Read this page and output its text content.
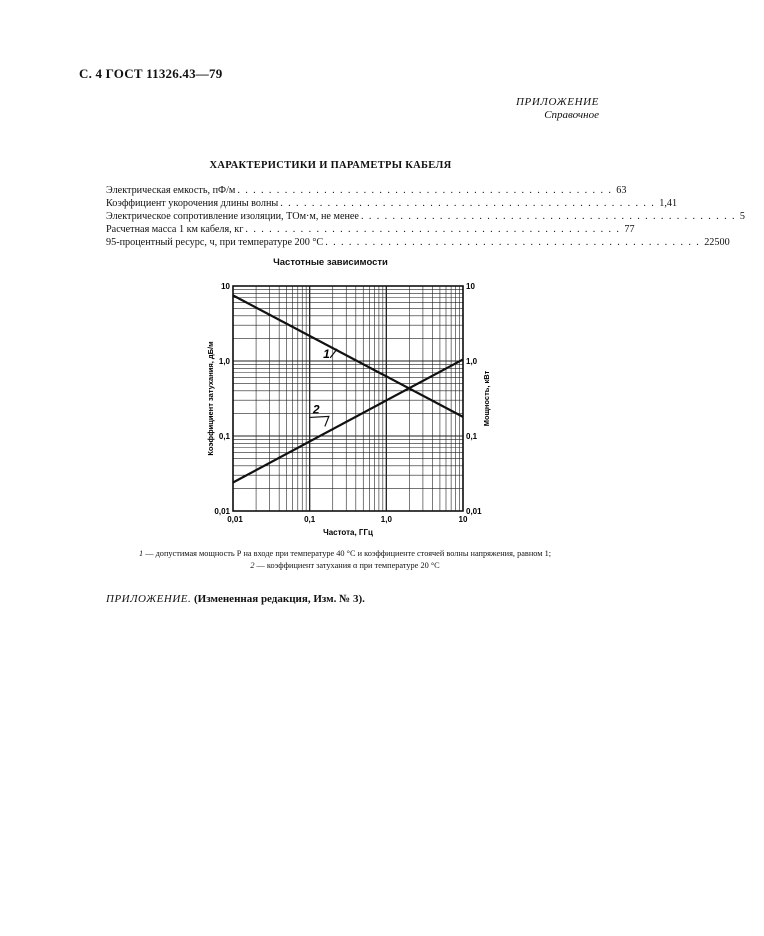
С. 4 ГОСТ 11326.43—79
ПРИЛОЖЕНИЕ
Справочное
ХАРАКТЕРИСТИКИ И ПАРАМЕТРЫ КАБЕЛЯ
Электрическая емкость, пФ/м . . . . . . . . . . . . . . . . . . . . . . . . . . . . . . . . . . . . . . . . . . . . . . . . 63
Коэффициент укорочения длины волны . . . . . . . . . . . . . . . . . . . . . . . . . . . . . . . . . . . . . . . . . . . . . . . . 1,41
Электрическое сопротивление изоляции, ТОм·м, не менее . . . . . . . . . . . . . . . . . . . . . . . . . . . . . . . . . . . . . . . . . . . . . . . . 5
Расчетная масса 1 км кабеля, кг . . . . . . . . . . . . . . . . . . . . . . . . . . . . . . . . . . . . . . . . . . . . . . . . 77
95-процентный ресурс, ч, при температуре 200 °С . . . . . . . . . . . . . . . . . . . . . . . . . . . . . . . . . . . . . . . . . . . . . . . . 22500
Частотные зависимости
0,01	0,1	1,0	10
0,01	0,01
0,1	0,1
1,0	1,0
10	10
Частота, ГГц
Коэффициент затухания, дБ/м	Мощность, кВт
1
2
1 — допустимая мощность Р на входе при температуре 40 °С и коэффициенте стоячей волны напряжения, равном 1;
2 — коэффициент затухания α при температуре 20 °С
ПРИЛОЖЕНИЕ. (Измененная редакция, Изм. № 3).
